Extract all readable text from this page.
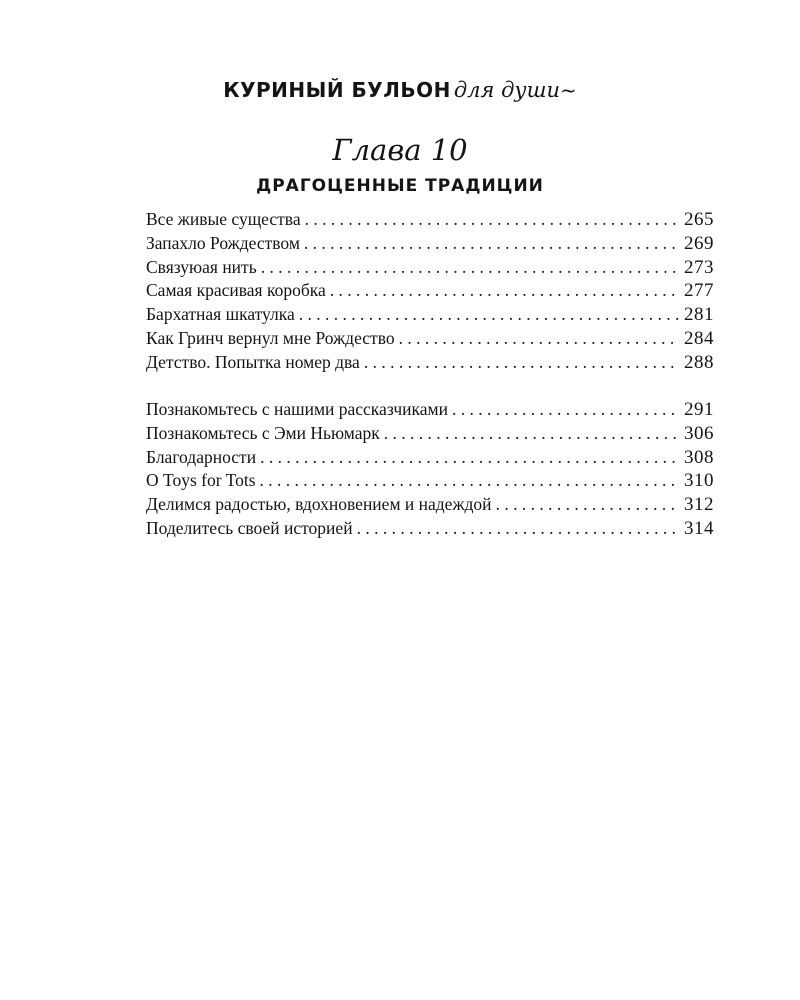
КУРИНЫЙ БУЛЬОН для души~
Глава 10
ДРАГОЦЕННЫЕ ТРАДИЦИИ
Все живые существа . . .	265
Запахло Рождеством . . .	269
Связуюая нить . . .	273
Самая красивая коробка . . .	277
Бархатная шкатулка . . .	281
Как Гринч вернул мне Рождество . . .	284
Детство. Попытка номер два . . .	288
Познакомьтесь с нашими рассказчиками . . .	291
Познакомьтесь с Эми Ньюмарк . . .	306
Благодарности . . .	308
О Toys for Tots . . .	310
Делимся радостью, вдохновением и надеждой . . .	312
Поделитесь своей историей . . .	314
